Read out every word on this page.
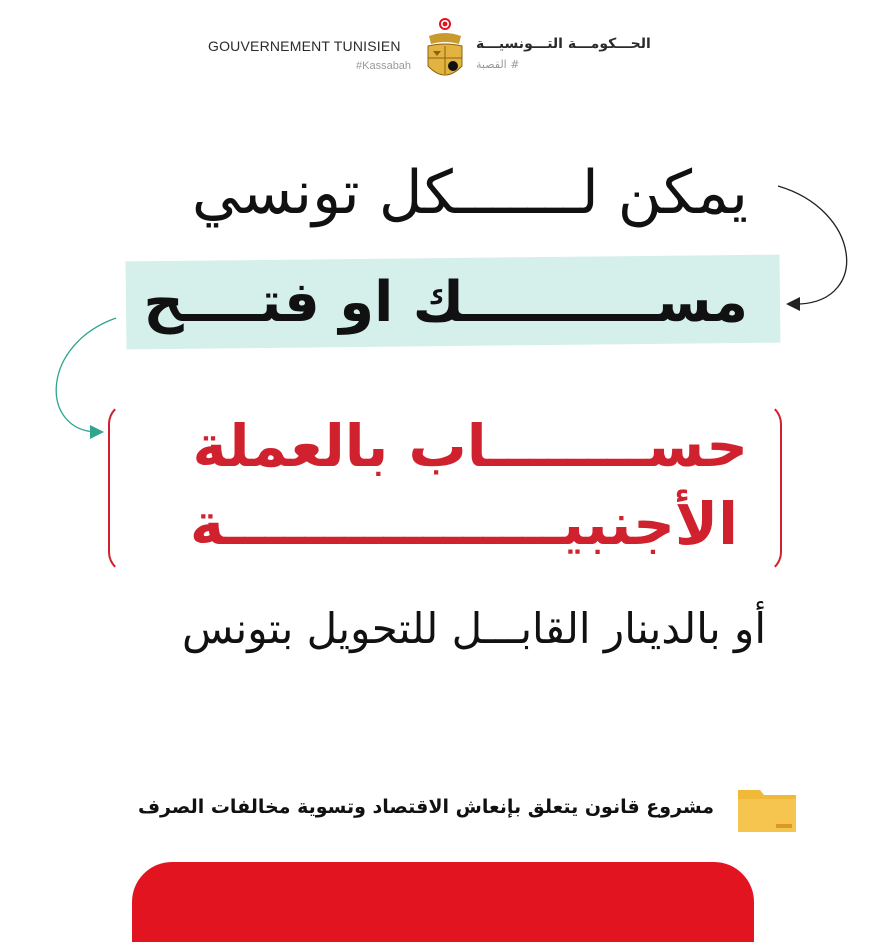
GOUVERNEMENT TUNISIEN
#Kassabah
الحـــكومـــة التـــونسيـــة
# القصبة
يمكن لـــــــكل تونسي
مســــــــــك او فتــــح
حســــــــاب بالعملة
الأجنبيـــــــــــــــــة
أو بالدينار القابـــل للتحويل بتونس
مشروع قانون يتعلق بإنعاش الاقتصاد وتسوية مخالفات الصرف
